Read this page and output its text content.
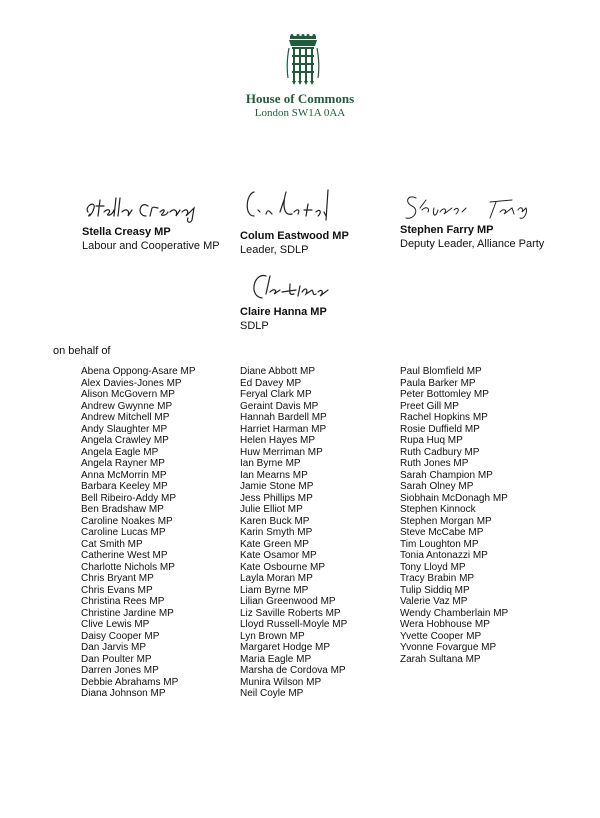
House of Commons
London SW1A 0AA
Stella Creasy MP
Labour and Cooperative MP
Colum Eastwood MP
Leader, SDLP
Stephen Farry MP
Deputy Leader, Alliance Party
Claire Hanna MP
SDLP
on behalf of
Abena Oppong-Asare MP
Alex Davies-Jones MP
Alison McGovern MP
Andrew Gwynne MP
Andrew Mitchell MP
Andy Slaughter MP
Angela Crawley MP
Angela Eagle MP
Angela Rayner MP
Anna McMorrin MP
Barbara Keeley MP
Bell Ribeiro-Addy MP
Ben Bradshaw MP
Caroline Noakes MP
Caroline Lucas MP
Cat Smith MP
Catherine West MP
Charlotte Nichols MP
Chris Bryant MP
Chris Evans MP
Christina Rees MP
Christine Jardine MP
Clive Lewis MP
Daisy Cooper MP
Dan Jarvis MP
Dan Poulter MP
Darren Jones MP
Debbie Abrahams MP
Diana Johnson MP
Diane Abbott MP
Ed Davey MP
Feryal Clark MP
Geraint Davis MP
Hannah Bardell MP
Harriet Harman MP
Helen Hayes MP
Huw Merriman MP
Ian Byrne MP
Ian Mearns MP
Jamie Stone MP
Jess Phillips MP
Julie Elliot MP
Karen Buck MP
Karin Smyth MP
Kate Green MP
Kate Osamor MP
Kate Osbourne MP
Layla Moran MP
Liam Byrne MP
Lilian Greenwood MP
Liz Saville Roberts MP
Lloyd Russell-Moyle MP
Lyn Brown MP
Margaret Hodge MP
Maria Eagle MP
Marsha de Cordova MP
Munira Wilson MP
Neil Coyle MP
Paul Blomfield MP
Paula Barker MP
Peter Bottomley MP
Preet Gill MP
Rachel Hopkins MP
Rosie Duffield MP
Rupa Huq MP
Ruth Cadbury MP
Ruth Jones MP
Sarah Champion MP
Sarah Olney MP
Siobhain McDonagh MP
Stephen Kinnock
Stephen Morgan MP
Steve McCabe MP
Tim Loughton MP
Tonia Antonazzi MP
Tony Lloyd MP
Tracy Brabin MP
Tulip Siddiq MP
Valerie Vaz MP
Wendy Chamberlain MP
Wera Hobhouse MP
Yvette Cooper MP
Yvonne Fovargue MP
Zarah Sultana MP
